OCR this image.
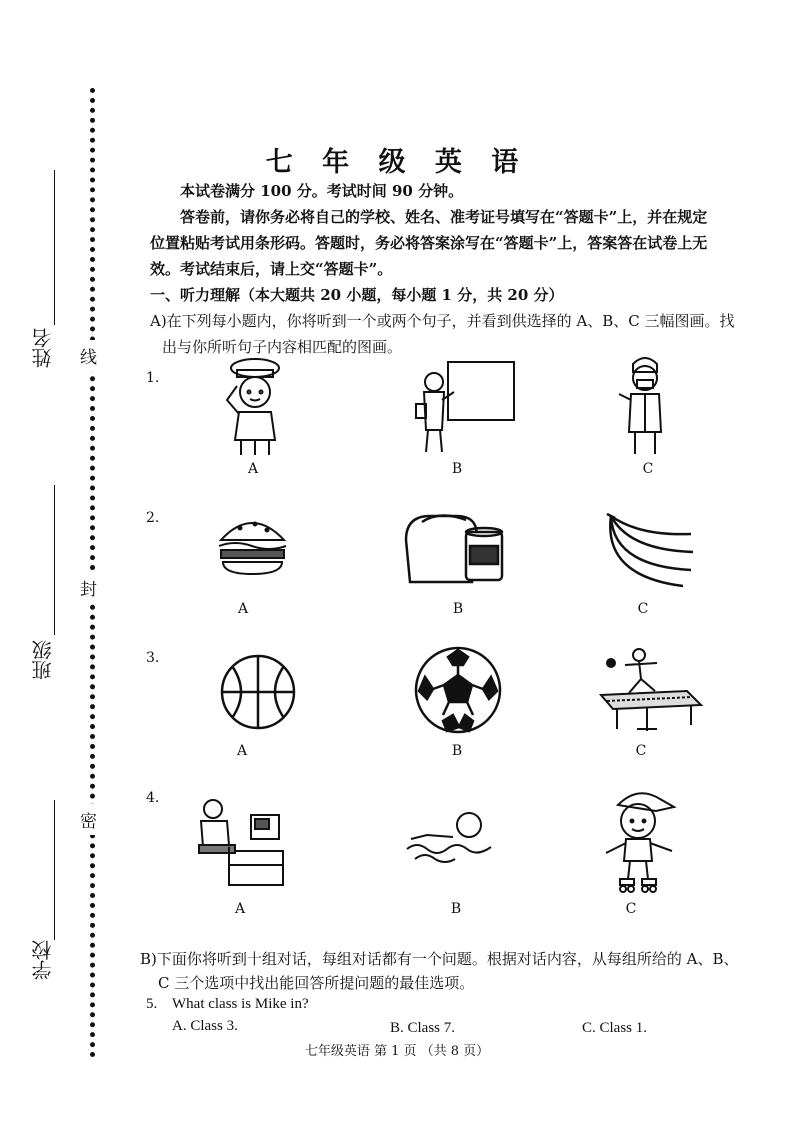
线
封
密
姓名
班级
学校
七 年 级 英 语
本试卷满分 100 分。考试时间 90 分钟。
答卷前，请你务必将自己的学校、姓名、准考证号填写在“答题卡”上，并在规定
位置粘贴考试用条形码。答题时，务必将答案涂写在“答题卡”上，答案答在试卷上无
效。考试结束后，请上交“答题卡”。
一、听力理解（本大题共 20 小题，每小题 1 分，共 20 分）
A)在下列每小题内，你将听到一个或两个句子，并看到供选择的 A、B、C 三幅图画。找
出与你所听句子内容相匹配的图画。
1.
A	B	C
2.
A	B	C
3.
A	B	C
4.
A	B	C
B)下面你将听到十组对话，每组对话都有一个问题。根据对话内容，从每组所给的 A、B、
C 三个选项中找出能回答所提问题的最佳选项。
5. What class is Mike in?
A. Class 3.	B. Class 7.	C. Class 1.
七年级英语 第 1 页 （共 8 页）
